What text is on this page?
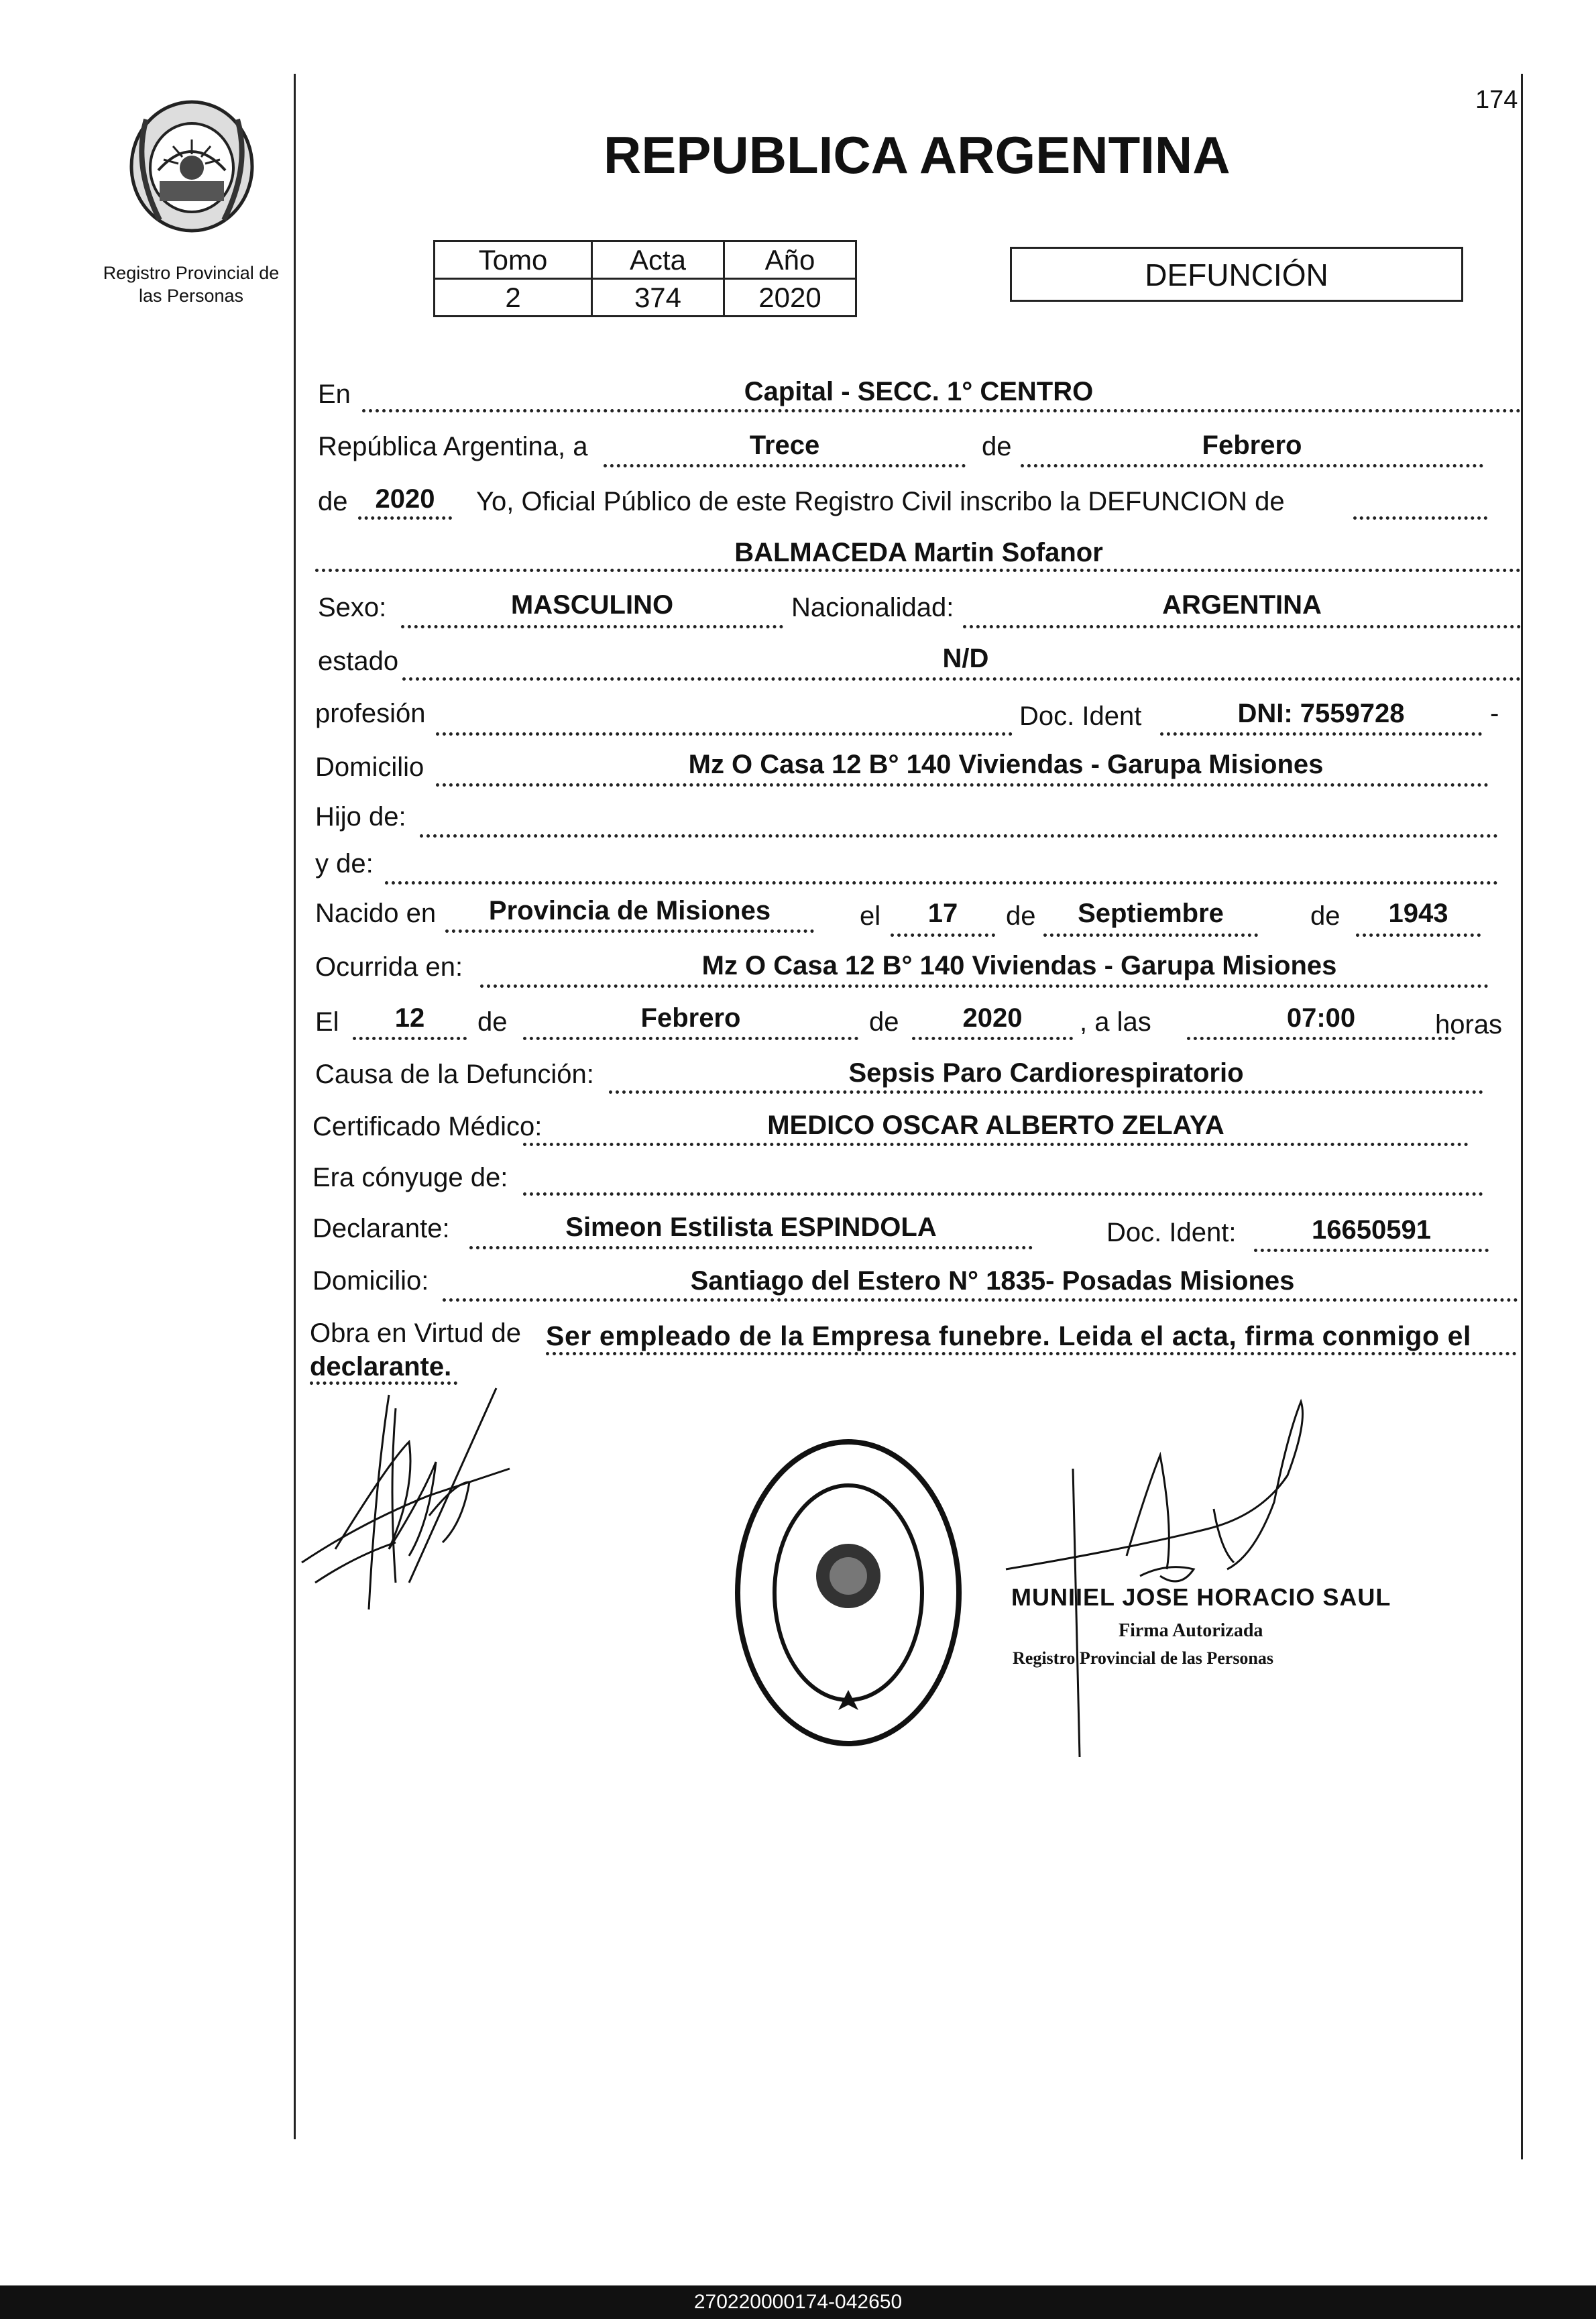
174
Registro Provincial de
las Personas
REPUBLICA ARGENTINA
Tomo	Acta	Año
2	374	2020
DEFUNCIÓN
En	Capital - SECC. 1° CENTRO
República Argentina, a	Trece	de	Febrero
de	2020	Yo, Oficial Público de este Registro Civil inscribo la DEFUNCION de
BALMACEDA Martin Sofanor
Sexo:	MASCULINO	Nacionalidad:	ARGENTINA
estado	N/D
profesión	Doc. Ident	DNI: 7559728	-
Domicilio	Mz O Casa 12 B° 140 Viviendas - Garupa Misiones
Hijo de:
y de:
Nacido en	Provincia de Misiones	el	17	de	Septiembre	de	1943
Ocurrida en:	Mz O Casa 12 B° 140 Viviendas - Garupa Misiones
El	12	de	Febrero	de	2020	, a las	07:00	horas
Causa de la Defunción:	Sepsis Paro Cardiorespiratorio
Certificado Médico:	MEDICO OSCAR ALBERTO ZELAYA
Era cónyuge de:
Declarante:	Simeon Estilista ESPINDOLA	Doc. Ident:	16650591
Domicilio:	Santiago del Estero N° 1835- Posadas Misiones
Obra en Virtud de Ser empleado de la Empresa funebre. Leida el acta, firma conmigo el
declarante.
MUNIIEL JOSE HORACIO SAUL
Firma Autorizada
Registro Provincial de las Personas
270220000174-042650
